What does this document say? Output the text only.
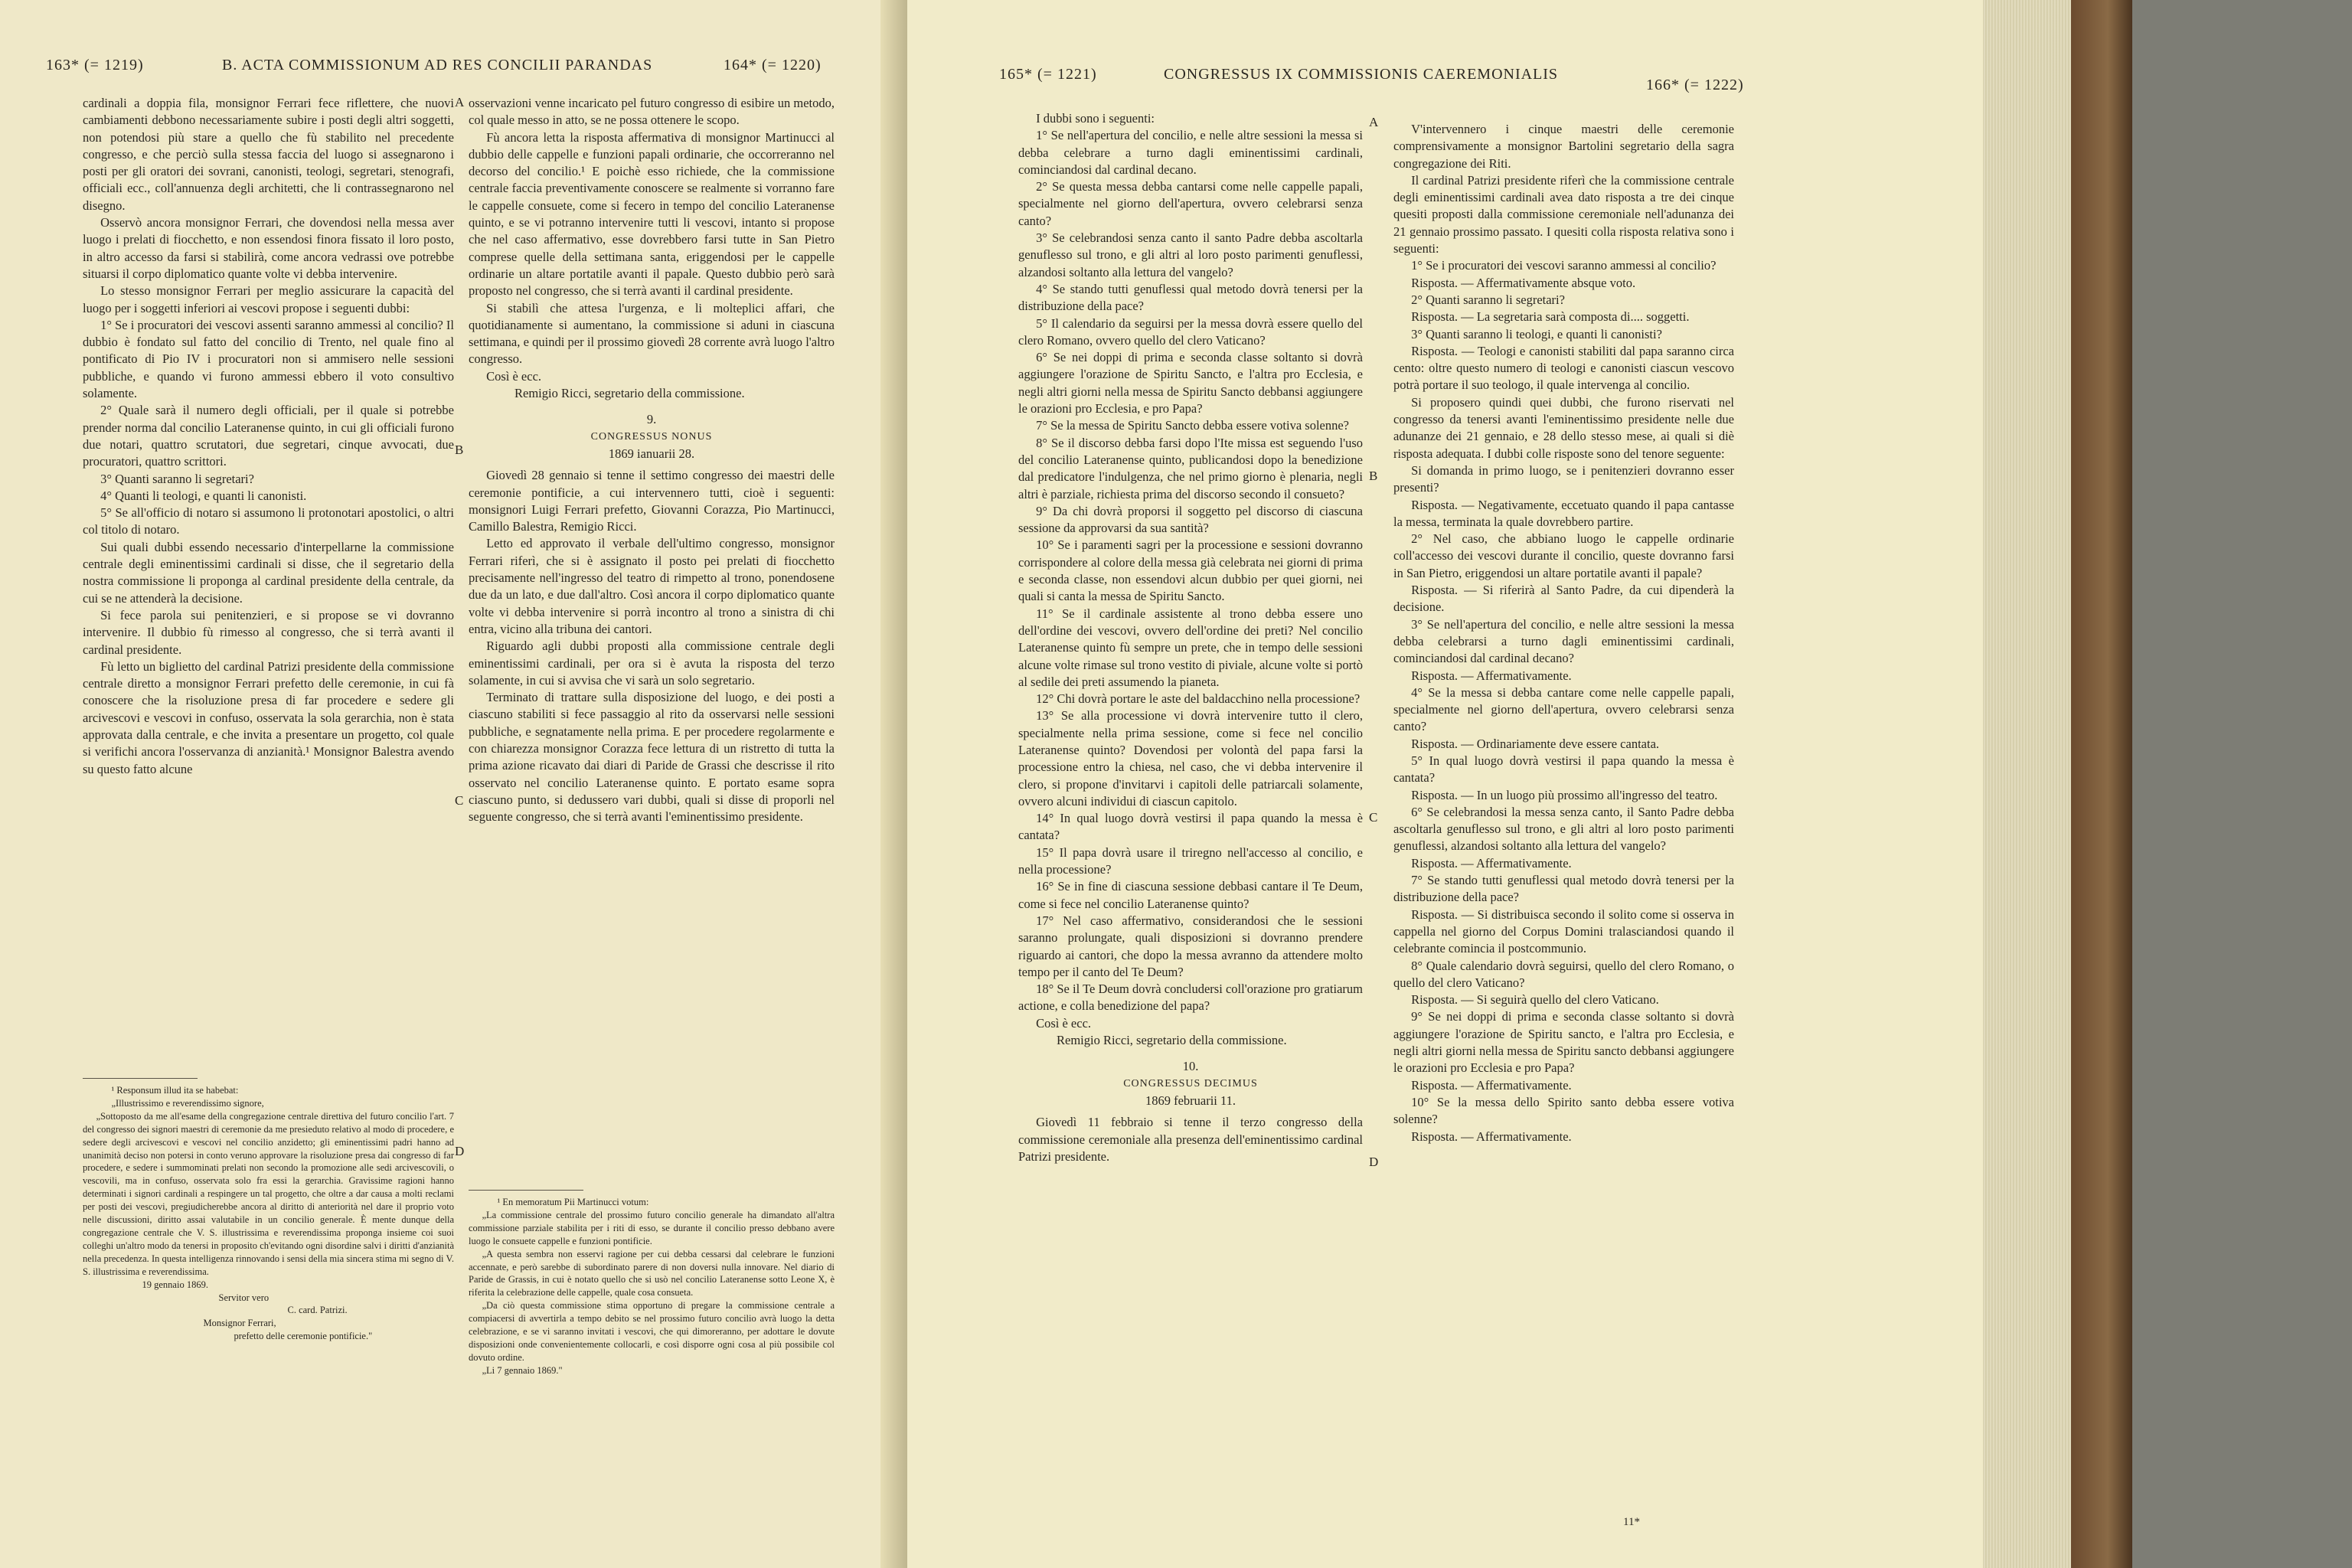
163* (= 1219)	B. ACTA COMMISSIONUM AD RES CONCILII PARANDAS	164* (= 1220)

cardinali a doppia fila, monsignor Ferrari fece riflettere, che nuovi cambiamenti debbono necessariamente subire i posti degli altri soggetti, non potendosi più stare a quello che fù stabilito nel precedente congresso, e che perciò sulla stessa faccia del luogo si assegnarono i posti per gli oratori dei sovrani, canonisti, teologi, segretari, stenografi, officiali ecc., coll'annuenza degli architetti, che li contrassegnarono nel disegno.

Osservò ancora monsignor Ferrari, che dovendosi nella messa aver luogo i prelati di fiocchetto, e non essendosi finora fissato il loro posto, in altro accesso da farsi si stabilirà, come ancora vedrassi ove potrebbe situarsi il corpo diplomatico quante volte vi debba intervenire.

Lo stesso monsignor Ferrari per meglio assicurare la capacità del luogo per i soggetti inferiori ai vescovi propose i seguenti dubbi:

1° Se i procuratori dei vescovi assenti saranno ammessi al concilio? Il dubbio è fondato sul fatto del concilio di Trento, nel quale fino al pontificato di Pio IV i procuratori non si ammisero nelle sessioni pubbliche, e quando vi furono ammessi ebbero il voto consultivo solamente.

2° Quale sarà il numero degli officiali, per il quale si potrebbe prender norma dal concilio Lateranense quinto, in cui gli officiali furono due notari, quattro scrutatori, due segretari, cinque avvocati, due procuratori, quattro scrittori.

3° Quanti saranno li segretari?

4° Quanti li teologi, e quanti li canonisti.

5° Se all'officio di notaro si assumono li protonotari apostolici, o altri col titolo di notaro.

Sui quali dubbi essendo necessario d'interpellarne la commissione centrale degli eminentissimi cardinali si disse, che il segretario della nostra commissione li proponga al cardinal presidente della centrale, da cui se ne attenderà la decisione.

Si fece parola sui penitenzieri, e si propose se vi dovranno intervenire. Il dubbio fù rimesso al congresso, che si terrà avanti il cardinal presidente.

Fù letto un biglietto del cardinal Patrizi presidente della commissione centrale diretto a monsignor Ferrari prefetto delle ceremonie, in cui fà conoscere che la risoluzione presa di far procedere e sedere gli arcivescovi e vescovi in confuso, osservata la sola gerarchia, non è stata approvata dalla centrale, e che invita a presentare un progetto, col quale si verifichi ancora l'osservanza di anzianità.¹ Monsignor Balestra avendo su questo fatto alcune

¹ Responsum illud ita se habebat:

„Illustrissimo e reverendissimo signore,

„Sottoposto da me all'esame della congregazione centrale direttiva del futuro concilio l'art. 7 del congresso dei signori maestri di ceremonie da me presieduto relativo al modo di procedere, e sedere degli arcivescovi e vescovi nel concilio anzidetto; gli eminentissimi padri hanno ad unanimità deciso non potersi in conto veruno approvare la risoluzione presa dai congresso di far procedere, e sedere i summominati prelati non secondo la promozione alle sedi arcivescovili, o vescovili, ma in confuso, osservata solo fra essi la gerarchia. Gravissime ragioni hanno determinati i signori cardinali a respingere un tal progetto, che oltre a dar causa a molti reclami per posti dei vescovi, pregiudicherebbe ancora al diritto di anteriorità nel dare il proprio voto nelle discussioni, diritto assai valutabile in un concilio generale. È mente dunque della congregazione centrale che V. S. illustrissima e reverendissima proponga insieme coi suoi colleghi un'altro modo da tenersi in proposito ch'evitando ogni disordine salvi i diritti d'anzianità nella precedenza. In questa intelligenza rinnovando i sensi della mia sincera stima mi segno di V. S. illustrissima e reverendissima.

19 gennaio 1869.

Servitor vero

C. card. Patrizi.

Monsignor Ferrari,

prefetto delle ceremonie pontificie."

osservazioni venne incaricato pel futuro congresso di esibire un metodo, col quale messo in atto, se ne possa ottenere le scopo.

Fù ancora letta la risposta affermativa di monsignor Martinucci al dubbio delle cappelle e funzioni papali ordinarie, che occorreranno nel decorso del concilio.¹ E poichè esso richiede, che la commissione centrale faccia preventivamente conoscere se realmente si vorranno fare le cappelle consuete, come si fecero in tempo del concilio Lateranense quinto, e se vi potranno intervenire tutti li vescovi, intanto si propose che nel caso affermativo, esse dovrebbero farsi tutte in San Pietro comprese quelle della settimana santa, eriggendosi per le cappelle ordinarie un altare portatile avanti il papale. Questo dubbio però sarà proposto nel congresso, che si terrà avanti il cardinal presidente.

Si stabilì che attesa l'urgenza, e li molteplici affari, che quotidianamente si aumentano, la commissione si aduni in ciascuna settimana, e quindi per il prossimo giovedì 28 corrente avrà luogo l'altro congresso.

Così è ecc.

Remigio Ricci, segretario della commissione.

9.

CONGRESSUS NONUS

1869 ianuarii 28.

Giovedì 28 gennaio si tenne il settimo congresso dei maestri delle ceremonie pontificie, a cui intervennero tutti, cioè i seguenti: monsignori Luigi Ferrari prefetto, Giovanni Corazza, Pio Martinucci, Camillo Balestra, Remigio Ricci.

Letto ed approvato il verbale dell'ultimo congresso, monsignor Ferrari riferì, che si è assignato il posto pei prelati di fiocchetto precisamente nell'ingresso del teatro di rimpetto al trono, ponendosene due da un lato, e due dall'altro. Così ancora il corpo diplomatico quante volte vi debba intervenire si porrà incontro al trono a sinistra di chi entra, vicino alla tribuna dei cantori.

Riguardo agli dubbi proposti alla commissione centrale degli eminentissimi cardinali, per ora si è avuta la risposta del terzo solamente, in cui si avvisa che vi sarà un solo segretario.

Terminato di trattare sulla disposizione del luogo, e dei posti a ciascuno stabiliti si fece passaggio al rito da osservarsi nelle sessioni pubbliche, e segnatamente nella prima. E per procedere regolarmente e con chiarezza monsignor Corazza fece lettura di un ristretto di tutta la prima azione ricavato dai diari di Paride de Grassi che descrisse il rito osservato nel concilio Lateranense quinto. E portato esame sopra ciascuno punto, si dedussero vari dubbi, quali si disse di proporli nel seguente congresso, che si terrà avanti l'eminentissimo presidente.

¹ En memoratum Pii Martinucci votum:

„La commissione centrale del prossimo futuro concilio generale ha dimandato all'altra commissione parziale stabilita per i riti di esso, se durante il concilio presso debbano avere luogo le consuete cappelle e funzioni pontificie.

„A questa sembra non esservi ragione per cui debba cessarsi dal celebrare le funzioni accennate, e però sarebbe di subordinato parere di non doversi nulla innovare. Nel diario di Paride de Grassis, in cui è notato quello che si usò nel concilio Lateranense sotto Leone X, è riferita la celebrazione delle cappelle, quale cosa consueta.

„Da ciò questa commissione stima opportuno di pregare la commissione centrale a compiacersi di avvertirla a tempo debito se nel prossimo futuro concilio avrà luogo la detta celebrazione, e se vi saranno invitati i vescovi, che qui dimoreranno, per adottare le dovute disposizioni onde convenientemente collocarli, e così disporre ogni cosa al più possibile col dovuto ordine.

„Li 7 gennaio 1869."

A
B
C
D
165* (= 1221)	CONGRESSUS IX COMMISSIONIS CAEREMONIALIS
166* (= 1222)

I dubbi sono i seguenti:

1° Se nell'apertura del concilio, e nelle altre sessioni la messa si debba celebrare a turno dagli eminentissimi cardinali, cominciandosi dal cardinal decano.

2° Se questa messa debba cantarsi come nelle cappelle papali, specialmente nel giorno dell'apertura, ovvero celebrarsi senza canto?

3° Se celebrandosi senza canto il santo Padre debba ascoltarla genuflesso sul trono, e gli altri al loro posto parimenti genuflessi, alzandosi soltanto alla lettura del vangelo?

4° Se stando tutti genuflessi qual metodo dovrà tenersi per la distribuzione della pace?

5° Il calendario da seguirsi per la messa dovrà essere quello del clero Romano, ovvero quello del clero Vaticano?

6° Se nei doppi di prima e seconda classe soltanto si dovrà aggiungere l'orazione de Spiritu Sancto, e l'altra pro Ecclesia, e negli altri giorni nella messa de Spiritu Sancto debbansi aggiungere le orazioni pro Ecclesia, e pro Papa?

7° Se la messa de Spiritu Sancto debba essere votiva solenne?

8° Se il discorso debba farsi dopo l'Ite missa est seguendo l'uso del concilio Lateranense quinto, publicandosi dopo la benedizione dal predicatore l'indulgenza, che nel primo giorno è plenaria, negli altri è parziale, richiesta prima del discorso secondo il consueto?

9° Da chi dovrà proporsi il soggetto pel discorso di ciascuna sessione da approvarsi da sua santità?

10° Se i paramenti sagri per la processione e sessioni dovranno corrispondere al colore della messa già celebrata nei giorni di prima e seconda classe, non essendovi alcun dubbio per quei giorni, nei quali si canta la messa de Spiritu Sancto.

11° Se il cardinale assistente al trono debba essere uno dell'ordine dei vescovi, ovvero dell'ordine dei preti? Nel concilio Lateranense quinto fù sempre un prete, che in tempo delle sessioni alcune volte rimase sul trono vestito di piviale, alcune volte si portò al sedile dei preti assumendo la pianeta.

12° Chi dovrà portare le aste del baldacchino nella processione?

13° Se alla processione vi dovrà intervenire tutto il clero, specialmente nella prima sessione, come si fece nel concilio Lateranense quinto? Dovendosi per volontà del papa farsi la processione entro la chiesa, nel caso, che vi debba intervenire il clero, si propone d'invitarvi i capitoli delle patriarcali solamente, ovvero alcuni individui di ciascun capitolo.

14° In qual luogo dovrà vestirsi il papa quando la messa è cantata?

15° Il papa dovrà usare il triregno nell'accesso al concilio, e nella processione?

16° Se in fine di ciascuna sessione debbasi cantare il Te Deum, come si fece nel concilio Lateranense quinto?

17° Nel caso affermativo, considerandosi che le sessioni saranno prolungate, quali disposizioni si dovranno prendere riguardo ai cantori, che dopo la messa avranno da attendere molto tempo per il canto del Te Deum?

18° Se il Te Deum dovrà concludersi coll'orazione pro gratiarum actione, e colla benedizione del papa?

Così è ecc.

Remigio Ricci, segretario della commissione.

10.

CONGRESSUS DECIMUS

1869 februarii 11.

Giovedì 11 febbraio si tenne il terzo congresso della commissione ceremoniale alla presenza dell'eminentissimo cardinal Patrizi presidente.

V'intervennero i cinque maestri delle ceremonie comprensivamente a monsignor Bartolini segretario della sagra congregazione dei Riti.

Il cardinal Patrizi presidente riferì che la commissione centrale degli eminentissimi cardinali avea dato risposta a tre dei cinque quesiti proposti dalla commissione ceremoniale nell'adunanza dei 21 gennaio prossimo passato. I quesiti colla risposta relativa sono i seguenti:

1° Se i procuratori dei vescovi saranno ammessi al concilio?

Risposta. — Affermativamente absque voto.

2° Quanti saranno li segretari?

Risposta. — La segretaria sarà composta di.... soggetti.

3° Quanti saranno li teologi, e quanti li canonisti?

Risposta. — Teologi e canonisti stabiliti dal papa saranno circa cento: oltre questo numero di teologi e canonisti ciascun vescovo potrà portare il suo teologo, il quale intervenga al concilio.

Si proposero quindi quei dubbi, che furono riservati nel congresso da tenersi avanti l'eminentissimo presidente nelle due adunanze dei 21 gennaio, e 28 dello stesso mese, ai quali si diè risposta adequata. I dubbi colle risposte sono del tenore seguente:

Si domanda in primo luogo, se i penitenzieri dovranno esser presenti?

Risposta. — Negativamente, eccetuato quando il papa cantasse la messa, terminata la quale dovrebbero partire.

2° Nel caso, che abbiano luogo le cappelle ordinarie coll'accesso dei vescovi durante il concilio, queste dovranno farsi in San Pietro, eriggendosi un altare portatile avanti il papale?

Risposta. — Si riferirà al Santo Padre, da cui dipenderà la decisione.

3° Se nell'apertura del concilio, e nelle altre sessioni la messa debba celebrarsi a turno dagli eminentissimi cardinali, cominciandosi dal cardinal decano?

Risposta. — Affermativamente.

4° Se la messa si debba cantare come nelle cappelle papali, specialmente nel giorno dell'apertura, ovvero celebrarsi senza canto?

Risposta. — Ordinariamente deve essere cantata.

5° In qual luogo dovrà vestirsi il papa quando la messa è cantata?

Risposta. — In un luogo più prossimo all'ingresso del teatro.

6° Se celebrandosi la messa senza canto, il Santo Padre debba ascoltarla genuflesso sul trono, e gli altri al loro posto parimenti genuflessi, alzandosi soltanto alla lettura del vangelo?

Risposta. — Affermativamente.

7° Se stando tutti genuflessi qual metodo dovrà tenersi per la distribuzione della pace?

Risposta. — Si distribuisca secondo il solito come si osserva in cappella nel giorno del Corpus Domini tralasciandosi quando il celebrante comincia il postcommunio.

8° Quale calendario dovrà seguirsi, quello del clero Romano, o quello del clero Vaticano?

Risposta. — Si seguirà quello del clero Vaticano.

9° Se nei doppi di prima e seconda classe soltanto si dovrà aggiungere l'orazione de Spiritu sancto, e l'altra pro Ecclesia, e negli altri giorni nella messa de Spiritu sancto debbansi aggiungere le orazioni pro Ecclesia e pro Papa?

Risposta. — Affermativamente.

10° Se la messa dello Spirito santo debba essere votiva solenne?

Risposta. — Affermativamente.

A
B
C
D
11*
